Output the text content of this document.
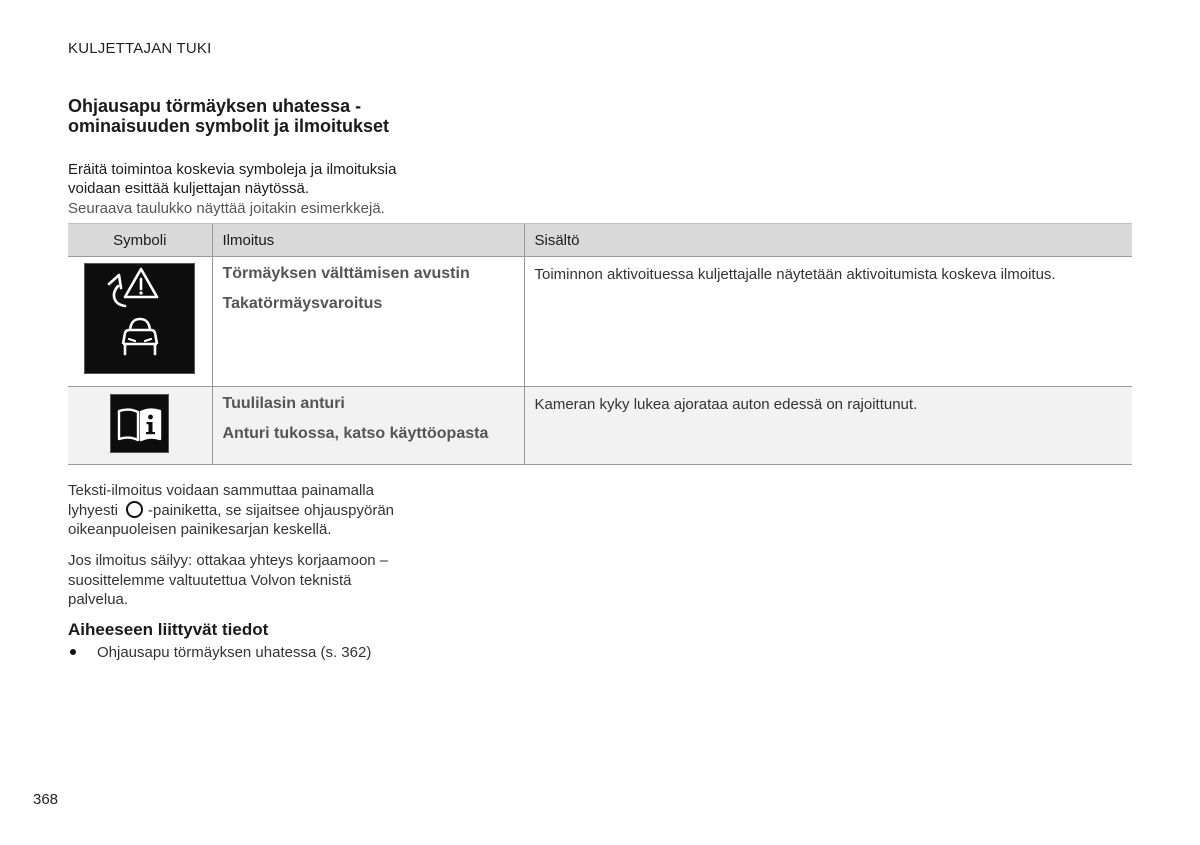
KULJETTAJAN TUKI
Ohjausapu törmäyksen uhatessa - ominaisuuden symbolit ja ilmoitukset

Eräitä toimintoa koskevia symboleja ja ilmoituksia voidaan esittää kuljettajan näytössä.

Seuraava taulukko näyttää joitakin esimerkkejä.

Symboli	Ilmoitus	Sisältö

Törmäyksen välttämisen avustin
Takatörmäysvaroitus	Toiminnon aktivoituessa kuljettajalle näytetään aktivoitumista koskeva ilmoitus.

Tuulilasin anturi
Anturi tukossa, katso käyttöopasta	Kameran kyky lukea ajorataa auton edessä on rajoittunut.

Teksti-ilmoitus voidaan sammuttaa painamalla lyhyesti -painiketta, se sijaitsee ohjauspyörän oikeanpuoleisen painikesarjan keskellä.

Jos ilmoitus säilyy: ottakaa yhteys korjaamoon – suosittelemme valtuutettua Volvon teknistä palvelua.

Aiheeseen liittyvät tiedot
Ohjausapu törmäyksen uhatessa (s. 362)
368
